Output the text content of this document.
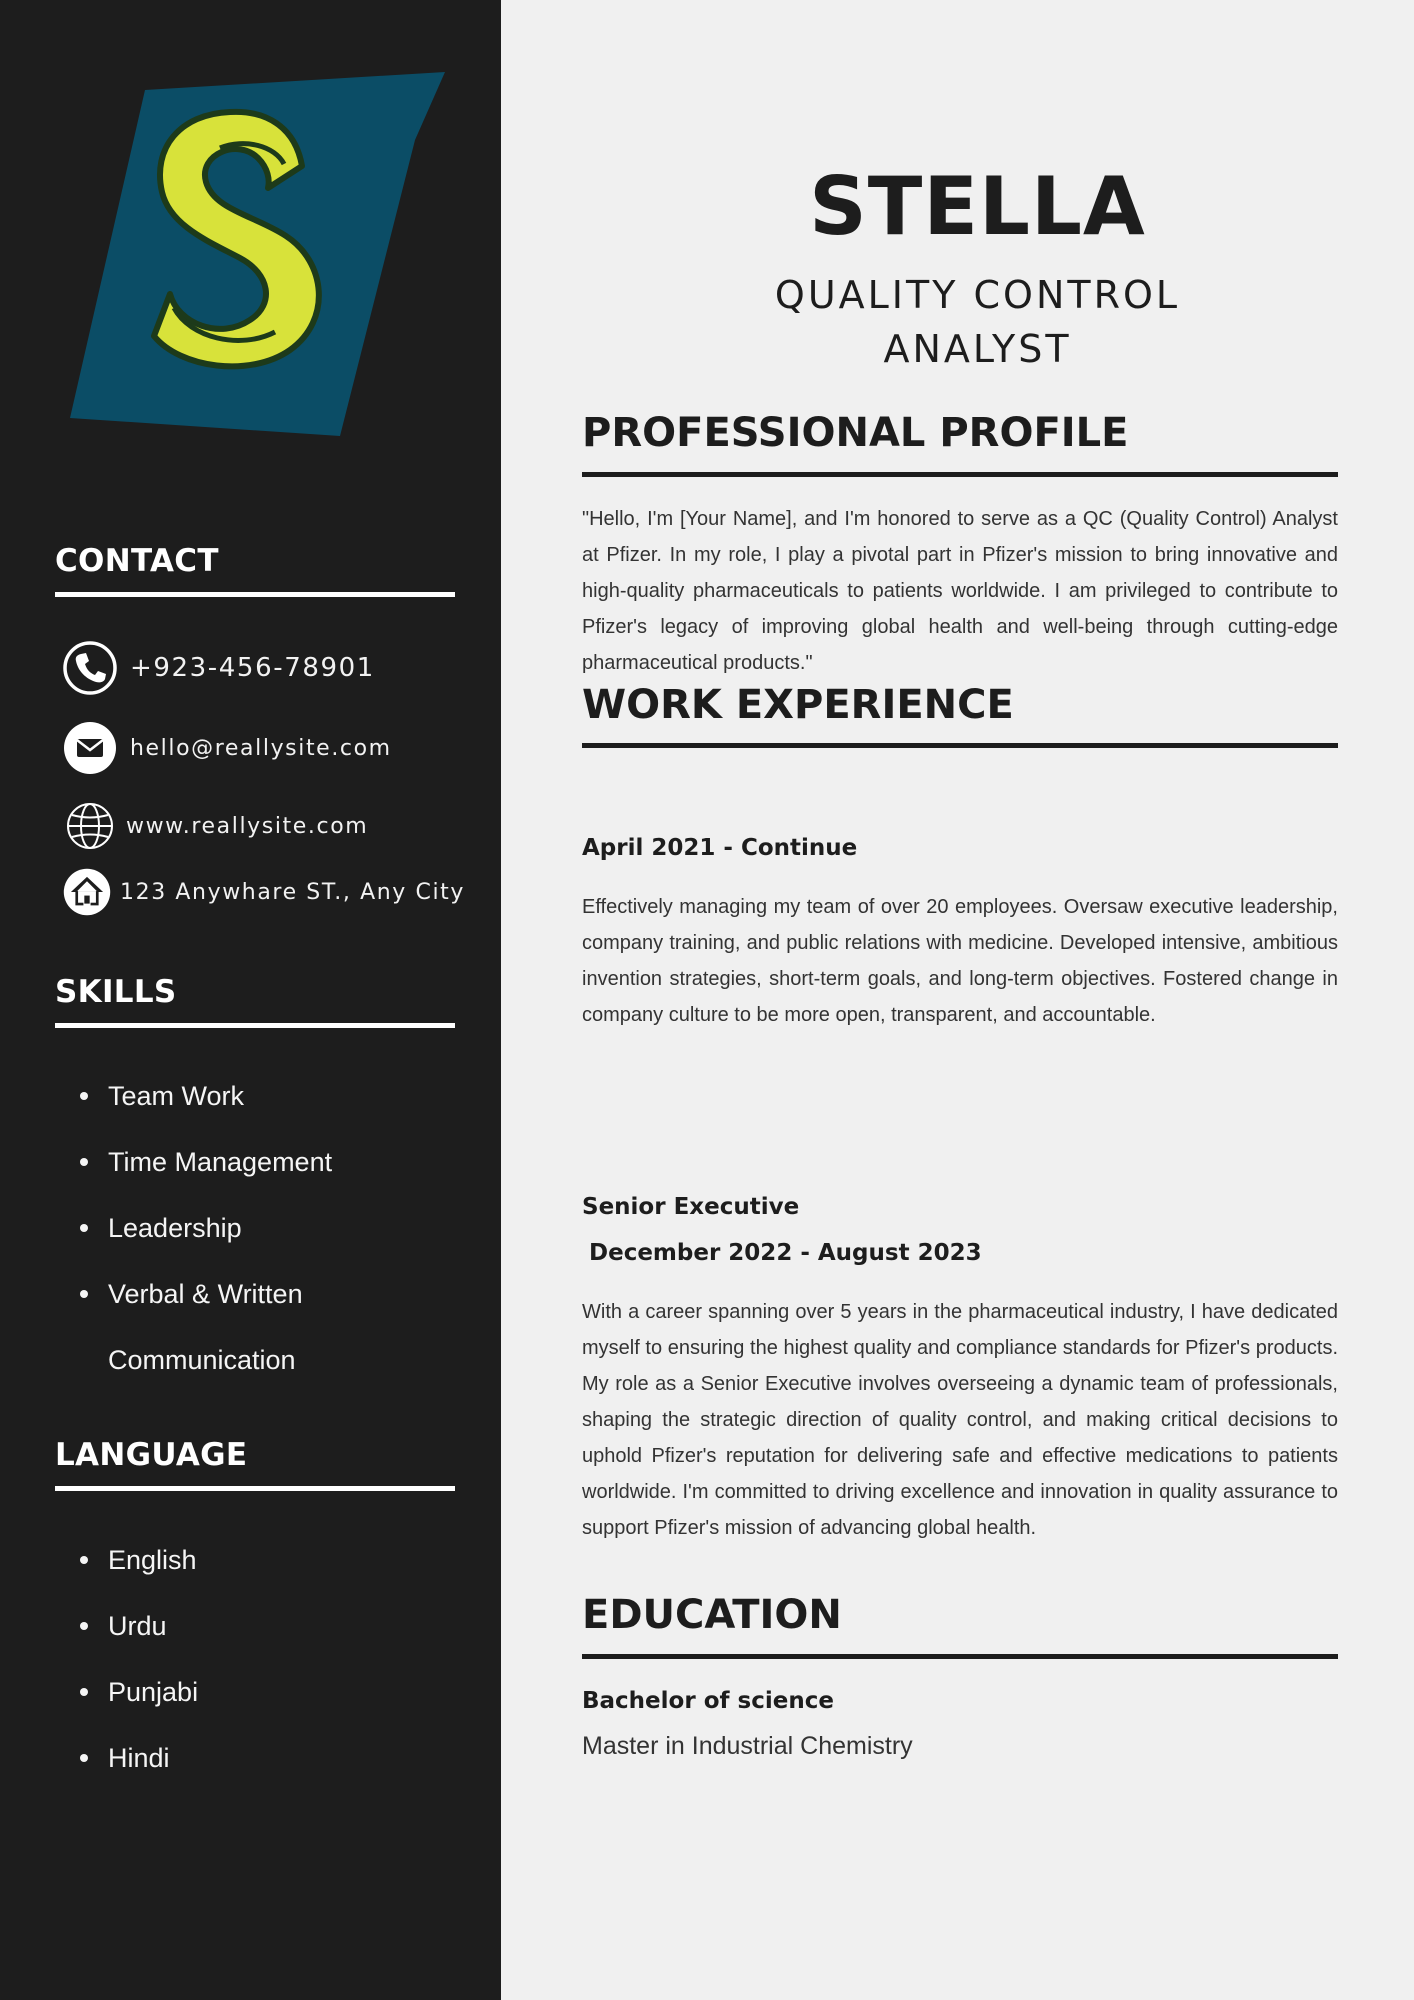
CONTACT
+923-456-78901
hello@reallysite.com
www.reallysite.com
123 Anywhare ST., Any City
SKILLS
Team Work
Time Management
Leadership
Verbal & Written
Communication
LANGUAGE
English
Urdu
Punjabi
Hindi
STELLA
QUALITY CONTROL
ANALYST
PROFESSIONAL PROFILE

"Hello, I'm [Your Name], and I'm honored to serve as a QC (Quality Control) Analyst at Pfizer. In my role, I play a pivotal part in Pfizer's mission to bring innovative and high-quality pharmaceuticals to patients worldwide. I am privileged to contribute to Pfizer's legacy of improving global health and well-being through cutting-edge pharmaceutical products."

WORK EXPERIENCE

April 2021 - Continue

Effectively managing my team of over 20 employees. Oversaw executive leadership, company training, and public relations with medicine. Developed intensive, ambitious invention strategies, short-term goals, and long-term objectives. Fostered change in company culture to be more open, transparent, and accountable.

Senior Executive

December 2022 - August 2023

With a career spanning over 5 years in the pharmaceutical industry, I have dedicated myself to ensuring the highest quality and compliance standards for Pfizer's products. My role as a Senior Executive involves overseeing a dynamic team of professionals, shaping the strategic direction of quality control, and making critical decisions to uphold Pfizer's reputation for delivering safe and effective medications to patients worldwide. I'm committed to driving excellence and innovation in quality assurance to support Pfizer's mission of advancing global health.

EDUCATION

Bachelor of science

Master in Industrial Chemistry
